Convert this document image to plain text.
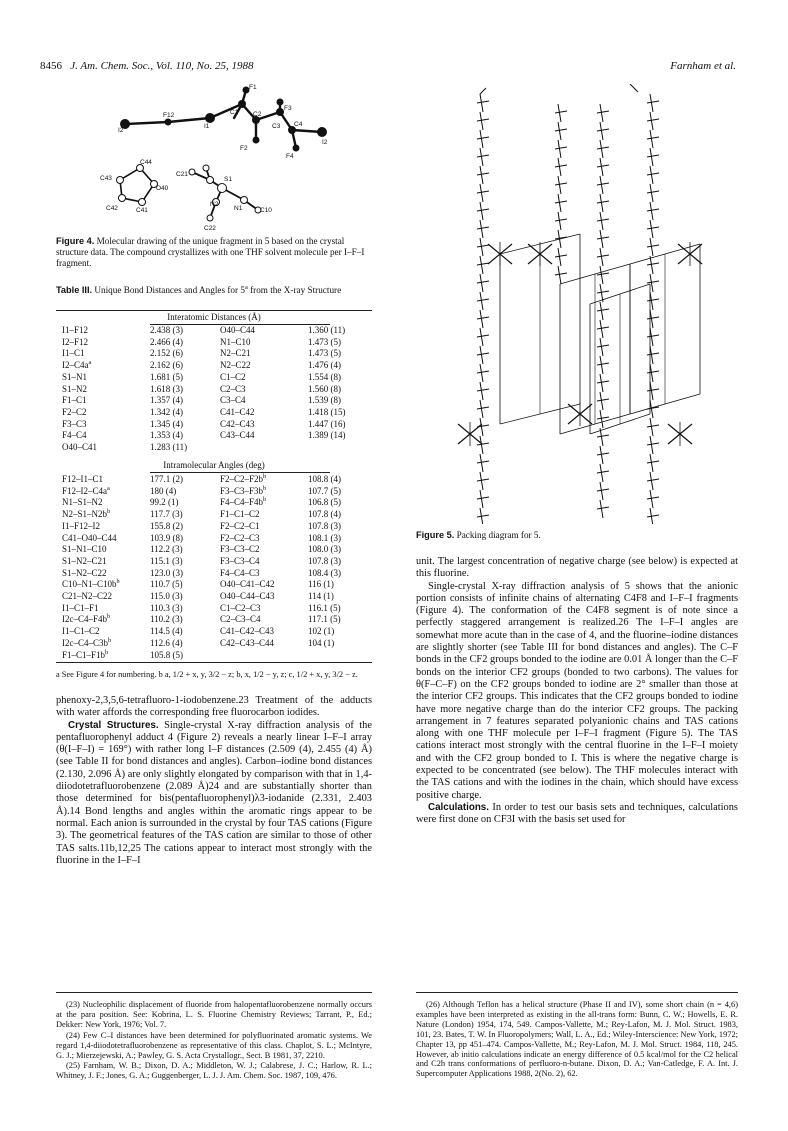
8456 J. Am. Chem. Soc., Vol. 110, No. 25, 1988	Farnham et al.
I2
F12
I1
C1 C2
F1
F3
C3 C4
I2
F2
F4
C44
C43
O40
C42	C41
C21
S1
N2
N1	C10
C22
Figure 4. Molecular drawing of the unique fragment in 5 based on the crystal structure data. The compound crystallizes with one THF solvent molecule per I–F–I fragment.
Table III. Unique Bond Distances and Angles for 5$^a$ from the X-ray Structure
Interatomic Distances (Å)
I1–F12	2.438 (3)	O40–C44	1.360 (11)
I2–F12	2.466 (4)	N1–C10	1.473 (5)
I1–C1	2.152 (6)	N2–C21	1.473 (5)
$I2-C4a^a$	2.162 (6)	N2–C22	1.476 (4)
S1–N1	1.681 (5)	C1–C2	1.554 (8)
S1–N2	1.618 (3)	C2–C3	1.560 (8)
F1–C1	1.357 (4)	C3–C4	1.539 (8)
F2–C2	1.342 (4)	C41–C42	1.418 (15)
F3–C3	1.345 (4)	C42–C43	1.447 (16)
F4–C4	1.353 (4)	C43–C44	1.389 (14)
O40–C41	1.283 (11)		
Intramolecular Angles (deg)
F12–I1–C1	177.1 (2)	$F2-C2-F2b^b$	108.8 (4)
$F12-I2-C4a^a$	180 (4)	$F3-C3-F3b^b$	107.7 (5)
N1–S1–N2	99.2 (1)	$F4-C4-F4b^b$	106.8 (5)
$N2-S1-N2b^b$	117.7 (3)	F1–C1–C2	107.8 (4)
I1–F12–I2	155.8 (2)	F2–C2–C1	107.8 (3)
C41–O40–C44	103.9 (8)	F2–C2–C3	108.1 (3)
S1–N1–C10	112.2 (3)	F3–C3–C2	108.0 (3)
S1–N2–C21	115.1 (3)	F3–C3–C4	107.8 (3)
S1–N2–C22	123.0 (3)	F4–C4–C3	108.4 (3)
$C10-N1-C10b^b$	110.7 (5)	O40–C41–C42	116 (1)
C21–N2–C22	115.0 (3)	O40–C44–C43	114 (1)
I1–C1–F1	110.3 (3)	C1–C2–C3	116.1 (5)
$I2c-C4-F4b^b$	110.2 (3)	C2–C3–C4	117.1 (5)
I1–C1–C2	114.5 (4)	C41–C42–C43	102 (1)
$I2c-C4-C3b^b$	112.6 (4)	C42–C43–C44	104 (1)
$F1-C1-F1b^b$	105.8 (5)		
a See Figure 4 for numbering. b a, 1/2 + x, y, 3/2 − z; b, x, 1/2 − y, z; c, 1/2 + x, y, 3/2 − z.

phenoxy-2,3,5,6-tetrafluoro-1-iodobenzene.23 Treatment of the adducts with water affords the corresponding free fluorocarbon iodides.

Crystal Structures. Single-crystal X-ray diffraction analysis of the pentafluorophenyl adduct 4 (Figure 2) reveals a nearly linear I–F–I array (θ(I–F–I) = 169°) with rather long I–F distances (2.509 (4), 2.455 (4) Å) (see Table II for bond distances and angles). Carbon–iodine bond distances (2.130, 2.096 Å) are only slightly elongated by comparison with that in 1,4-diiodotetrafluorobenzene (2.089 Å)24 and are substantially shorter than those determined for bis(pentafluorophenyl)λ3-iodanide (2.331, 2.403 Å).14 Bond lengths and angles within the aromatic rings appear to be normal. Each anion is surrounded in the crystal by four TAS cations (Figure 3). The geometrical features of the TAS cation are similar to those of other TAS salts.11b,12,25 The cations appear to interact most strongly with the fluorine in the I–F–I

Figure 5. Packing diagram for 5.

unit. The largest concentration of negative charge (see below) is expected at this fluorine.

Single-crystal X-ray diffraction analysis of 5 shows that the anionic portion consists of infinite chains of alternating C4F8 and I–F–I fragments (Figure 4). The conformation of the C4F8 segment is of note since a perfectly staggered arrangement is realized.26 The I–F–I angles are somewhat more acute than in the case of 4, and the fluorine–iodine distances are slightly shorter (see Table III for bond distances and angles). The C–F bonds in the CF2 groups bonded to the iodine are 0.01 Å longer than the C–F bonds on the interior CF2 groups (bonded to two carbons). The values for θ(F–C–F) on the CF2 groups bonded to iodine are 2° smaller than those at the interior CF2 groups. This indicates that the CF2 groups bonded to iodine have more negative charge than do the interior CF2 groups. The packing arrangement in 7 features separated polyanionic chains and TAS cations along with one THF molecule per I–F–I fragment (Figure 5). The TAS cations interact most strongly with the central fluorine in the I–F–I moiety and with the CF2 group bonded to I. This is where the negative charge is expected to be concentrated (see below). The THF molecules interact with the TAS cations and with the iodines in the chain, which should have excess positive charge.

Calculations. In order to test our basis sets and techniques, calculations were first done on CF3I with the basis set used for

(23) Nucleophilic displacement of fluoride from halopentafluorobenzene normally occurs at the para position. See: Kobrina, L. S. Fluorine Chemistry Reviews; Tarrant, P., Ed.; Dekker: New York, 1976; Vol. 7.

(24) Few C–I distances have been determined for polyfluorinated aromatic systems. We regard 1,4-diiodotetrafluorobenzene as representative of this class. Chaplot, S. L.; McIntyre, G. J.; Mierzejewski, A.; Pawley, G. S. Acta Crystallogr., Sect. B 1981, 37, 2210.

(25) Farnham, W. B.; Dixon, D. A.; Middleton, W. J.; Calabrese, J. C.; Harlow, R. L.; Whitney, J. F.; Jones, G. A.; Guggenberger, L. J. J. Am. Chem. Soc. 1987, 109, 476.

(26) Although Teflon has a helical structure (Phase II and IV), some short chain (n = 4,6) examples have been interpreted as existing in the all-trans form: Bunn, C. W.; Howells, E. R. Nature (London) 1954, 174, 549. Campos-Vallette, M.; Rey-Lafon, M. J. Mol. Struct. 1983, 101, 23. Bates, T. W. In Fluoropolymers; Wall, L. A., Ed.; Wiley-Interscience: New York, 1972; Chapter 13, pp 451–474. Campos-Vallette, M.; Rey-Lafon, M. J. Mol. Struct. 1984, 118, 245. However, ab initio calculations indicate an energy difference of 0.5 kcal/mol for the C2 helical and C2h trans conformations of perfluoro-n-butane. Dixon, D. A.; Van-Catledge, F. A. Int. J. Supercomputer Applications 1988, 2(No. 2), 62.
